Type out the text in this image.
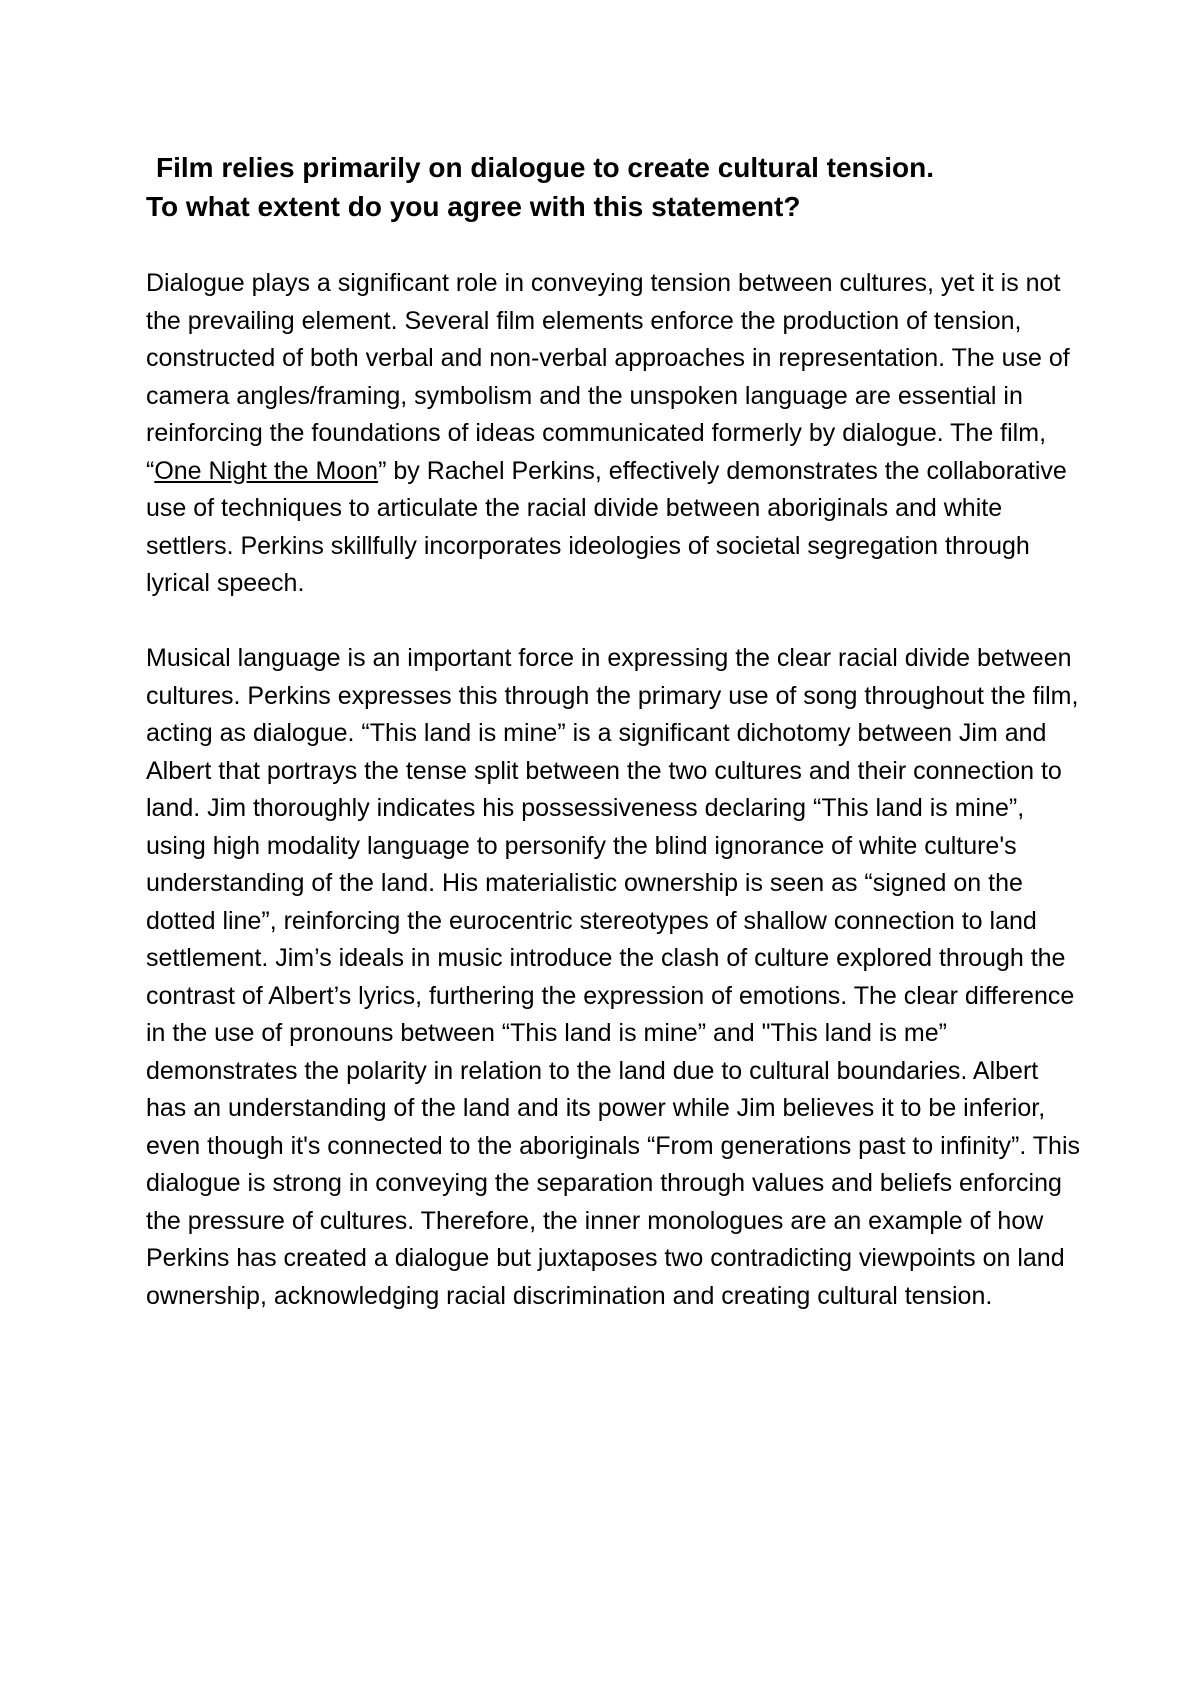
Film relies primarily on dialogue to create cultural tension.
To what extent do you agree with this statement?

Dialogue plays a significant role in conveying tension between cultures, yet it is not the prevailing element. Several film elements enforce the production of tension, constructed of both verbal and non-verbal approaches in representation. The use of camera angles/framing, symbolism and the unspoken language are essential in reinforcing the foundations of ideas communicated formerly by dialogue. The film, “One Night the Moon” by Rachel Perkins, effectively demonstrates the collaborative use of techniques to articulate the racial divide between aboriginals and white settlers. Perkins skillfully incorporates ideologies of societal segregation through lyrical speech.

Musical language is an important force in expressing the clear racial divide between cultures. Perkins expresses this through the primary use of song throughout the film, acting as dialogue. “This land is mine” is a significant dichotomy between Jim and Albert that portrays the tense split between the two cultures and their connection to land. Jim thoroughly indicates his possessiveness declaring “This land is mine”, using high modality language to personify the blind ignorance of white culture's understanding of the land. His materialistic ownership is seen as “signed on the dotted line”, reinforcing the eurocentric stereotypes of shallow connection to land settlement. Jim’s ideals in music introduce the clash of culture explored through the contrast of Albert’s lyrics, furthering the expression of emotions. The clear difference in the use of pronouns between “This land is mine” and "This land is me” demonstrates the polarity in relation to the land due to cultural boundaries. Albert has an understanding of the land and its power while Jim believes it to be inferior, even though it's connected to the aboriginals “From generations past to infinity”. This dialogue is strong in conveying the separation through values and beliefs enforcing the pressure of cultures. Therefore, the inner monologues are an example of how Perkins has created a dialogue but juxtaposes two contradicting viewpoints on land ownership, acknowledging racial discrimination and creating cultural tension.
